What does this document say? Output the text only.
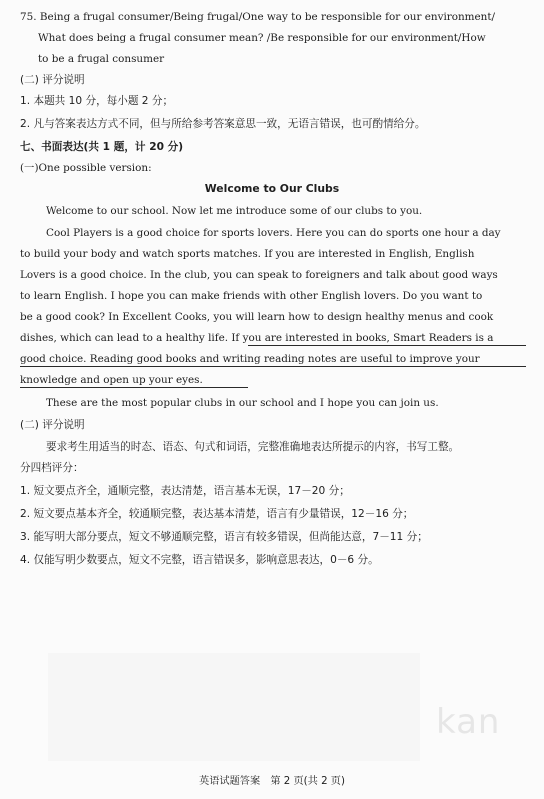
75. Being a frugal consumer/Being frugal/One way to be responsible for our environment/
What does being a frugal consumer mean? /Be responsible for our environment/How
to be a frugal consumer
(二) 评分说明
1. 本题共 10 分，每小题 2 分；
2. 凡与答案表达方式不同，但与所给参考答案意思一致，无语言错误，也可酌情给分。
七、书面表达(共 1 题，计 20 分)
(一)One possible version:
Welcome to Our Clubs
Welcome to our school. Now let me introduce some of our clubs to you.
Cool Players is a good choice for sports lovers. Here you can do sports one hour a day
to build your body and watch sports matches. If you are interested in English, English
Lovers is a good choice. In the club, you can speak to foreigners and talk about good ways
to learn English. I hope you can make friends with other English lovers. Do you want to
be a good cook? In Excellent Cooks, you will learn how to design healthy menus and cook
dishes, which can lead to a healthy life. If you are interested in books, Smart Readers is a
good choice. Reading good books and writing reading notes are useful to improve your
knowledge and open up your eyes.
These are the most popular clubs in our school and I hope you can join us.
(二) 评分说明
要求考生用适当的时态、语态、句式和词语，完整准确地表达所提示的内容，书写工整。
分四档评分：
1. 短文要点齐全，通顺完整，表达清楚，语言基本无误，17－20 分；
2. 短文要点基本齐全，较通顺完整，表达基本清楚，语言有少量错误，12－16 分；
3. 能写明大部分要点，短文不够通顺完整，语言有较多错误，但尚能达意，7－11 分；
4. 仅能写明少数要点，短文不完整，语言错误多，影响意思表达，0－6 分。
kan
英语试题答案　第 2 页(共 2 页)
